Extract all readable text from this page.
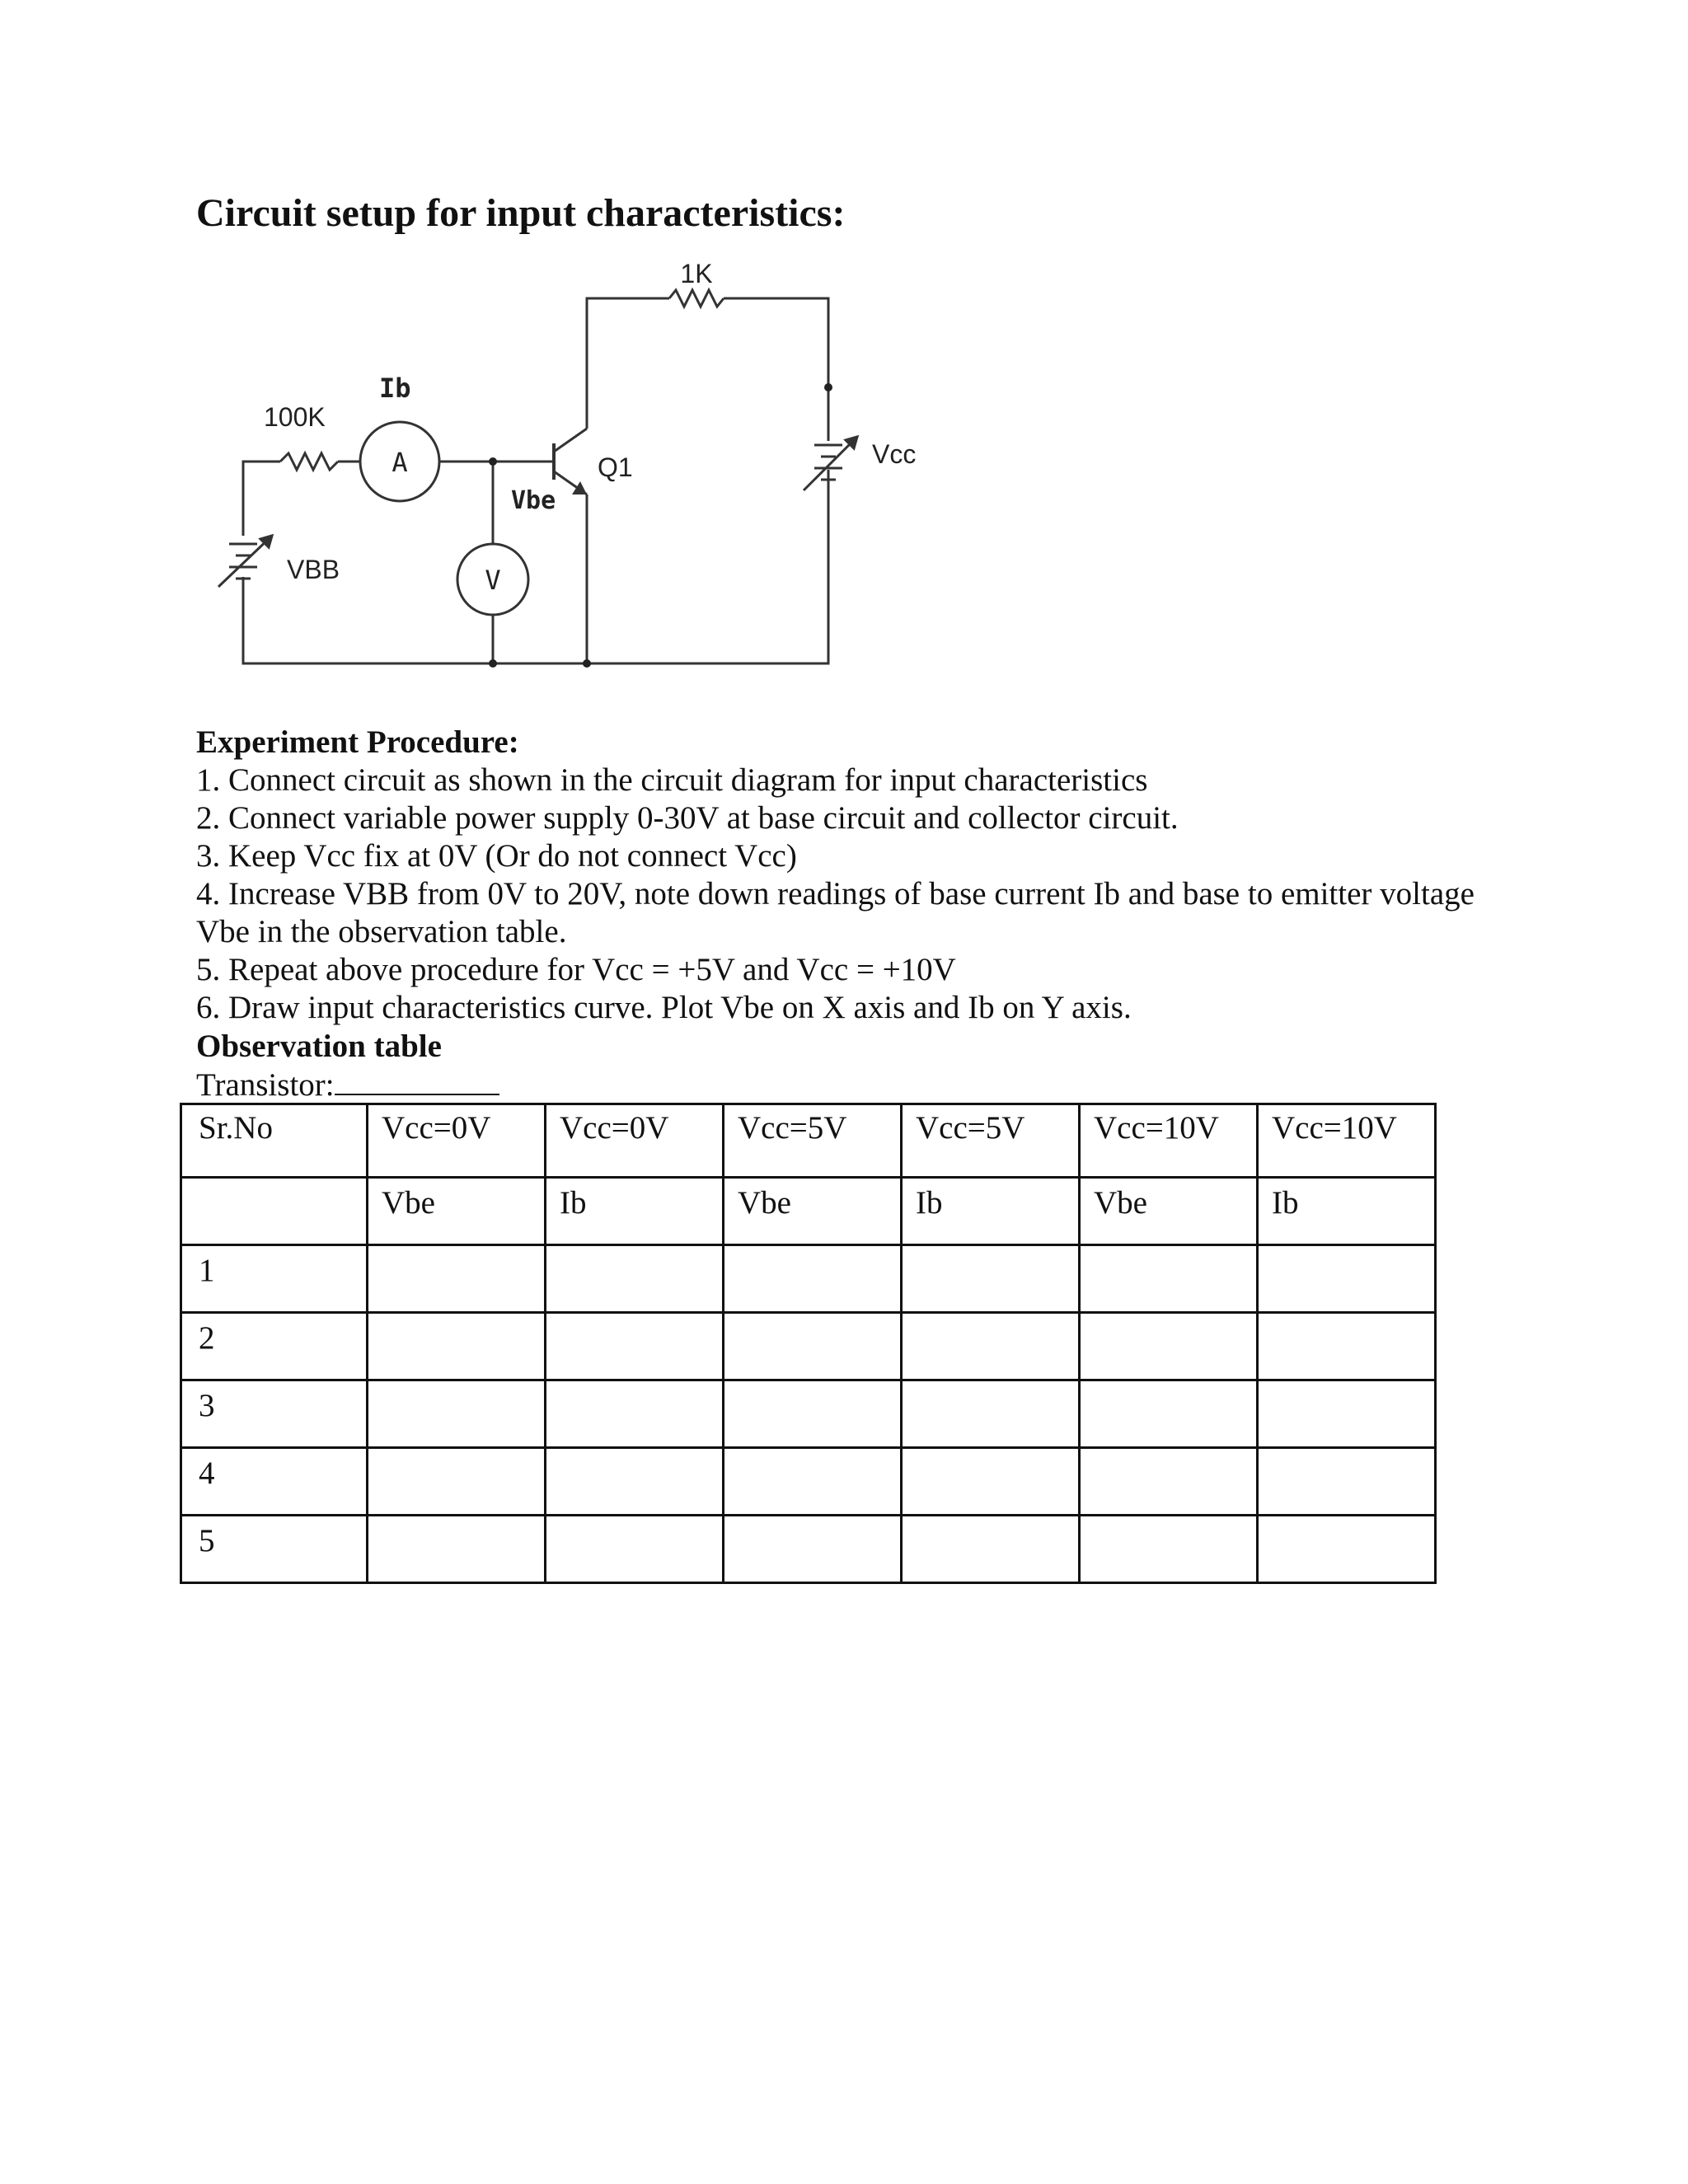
Circuit setup for input characteristics:
1K
100K
Ib
A	Q1
Vbe
VBB	V
Vcc
Experiment Procedure:
1. Connect circuit as shown in the circuit diagram for input characteristics
2. Connect variable power supply 0-30V at base circuit and collector circuit.
3. Keep Vcc fix at 0V (Or do not connect Vcc)
4. Increase VBB from 0V to 20V, note down readings of base current Ib and base to emitter voltage Vbe in the observation table.
5. Repeat above procedure for Vcc = +5V and Vcc = +10V
6. Draw input characteristics curve. Plot Vbe on X axis and Ib on Y axis.
Observation table
Transistor:
Sr.No	Vcc=0V	Vcc=0V	Vcc=5V	Vcc=5V	Vcc=10V	Vcc=10V
	Vbe	Ib	Vbe	Ib	Vbe	Ib
1						
2						
3						
4						
5						
